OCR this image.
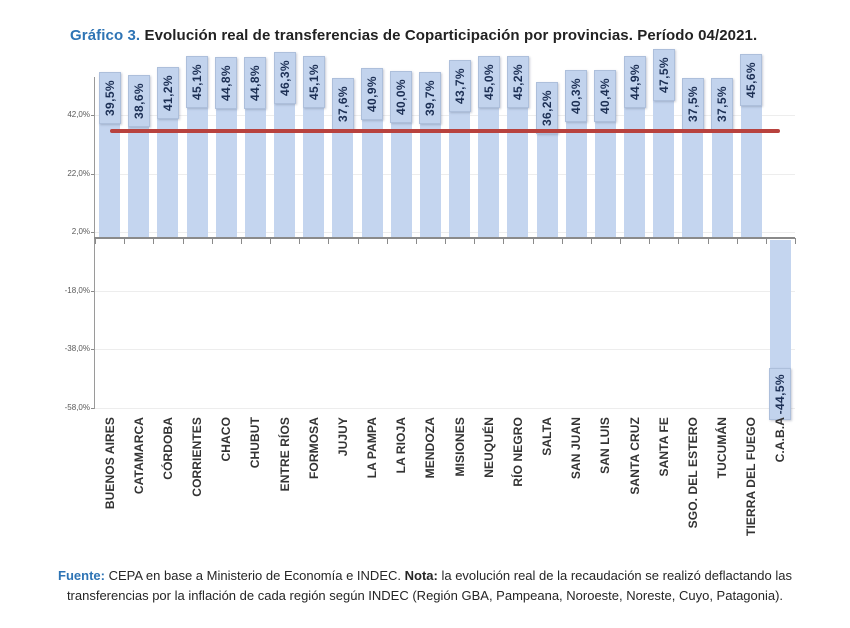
Gráfico 3. Evolución real de transferencias de Coparticipación por provincias. Período 04/2021.
42,0%
22,0%
2,0%
-18,0%
-38,0%
-58,0%
39,5% 38,6% 41,2% 45,1% 44,8% 44,8% 46,3% 45,1%
37,6% 40,9% 40,0% 39,7% 43,7% 45,0% 45,2%
36,2% 40,3% 40,4% 44,9% 47,5%
37,5% 37,5%
45,6%
-44,5%
BUENOS AIRES CATAMARCA CÓRDOBA CORRIENTES CHACO CHUBUT ENTRE RÍOS FORMOSA JUJUY LA PAMPA LA RIOJA MENDOZA MISIONES NEUQUÉN RÍO NEGRO SALTA SAN JUAN SAN LUIS SANTA CRUZ SANTA FE SGO. DEL ESTERO TUCUMÁN TIERRA DEL FUEGO C.A.B.A
Fuente: CEPA en base a Ministerio de Economía e INDEC. Nota: la evolución real de la recaudación se realizó deflactando las transferencias por la inflación de cada región según INDEC (Región GBA, Pampeana, Noroeste, Noreste, Cuyo, Patagonia).
